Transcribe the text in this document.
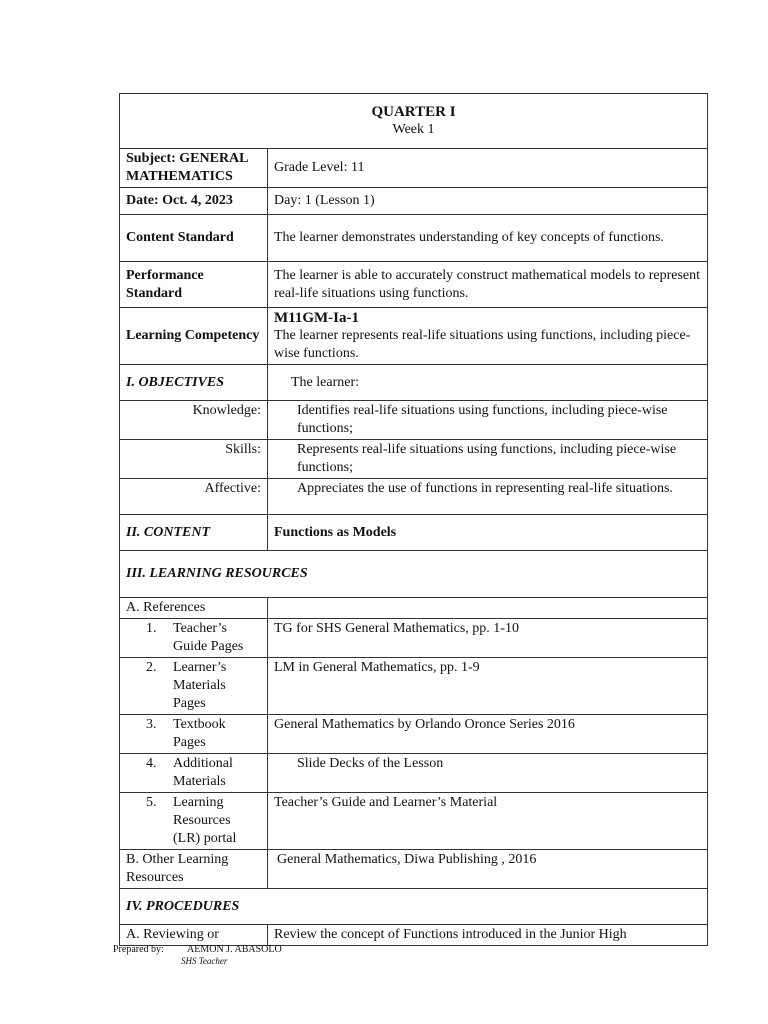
QUARTER I
Week 1	

Subject: GENERAL MATHEMATICS	Grade Level: 11
Date: Oct. 4, 2023	Day: 1 (Lesson 1)
Content Standard	The learner demonstrates understanding of key concepts of functions.
Performance Standard	The learner is able to accurately construct mathematical models to represent real-life situations using functions.
Learning Competency	M11GM-Ia-1
The learner represents real-life situations using functions, including piece-wise functions.

I. OBJECTIVES	The learner:
Knowledge:	Identifies real-life situations using functions, including piece-wise functions;
Skills:	Represents real-life situations using functions, including piece-wise functions;
Affective:	Appreciates the use of functions in representing real-life situations.
II. CONTENT	Functions as Models
III. LEARNING RESOURCES	
A. References	

1. Teacher’s Guide Pages	TG for SHS General Mathematics, pp. 1-10

2. Learner’s Materials Pages	LM in General Mathematics, pp. 1-9

3. Textbook Pages	General Mathematics by Orlando Oronce Series 2016

4. Additional Materials	Slide Decks of the Lesson

5. Learning Resources (LR) portal	Teacher’s Guide and Learner’s Material
B. Other Learning Resources	General Mathematics, Diwa Publishing , 2016
IV. PROCEDURES	
A. Reviewing or	Review the concept of Functions introduced in the Junior High
Prepared by: AEMON J. ABASOLO
SHS Teacher
